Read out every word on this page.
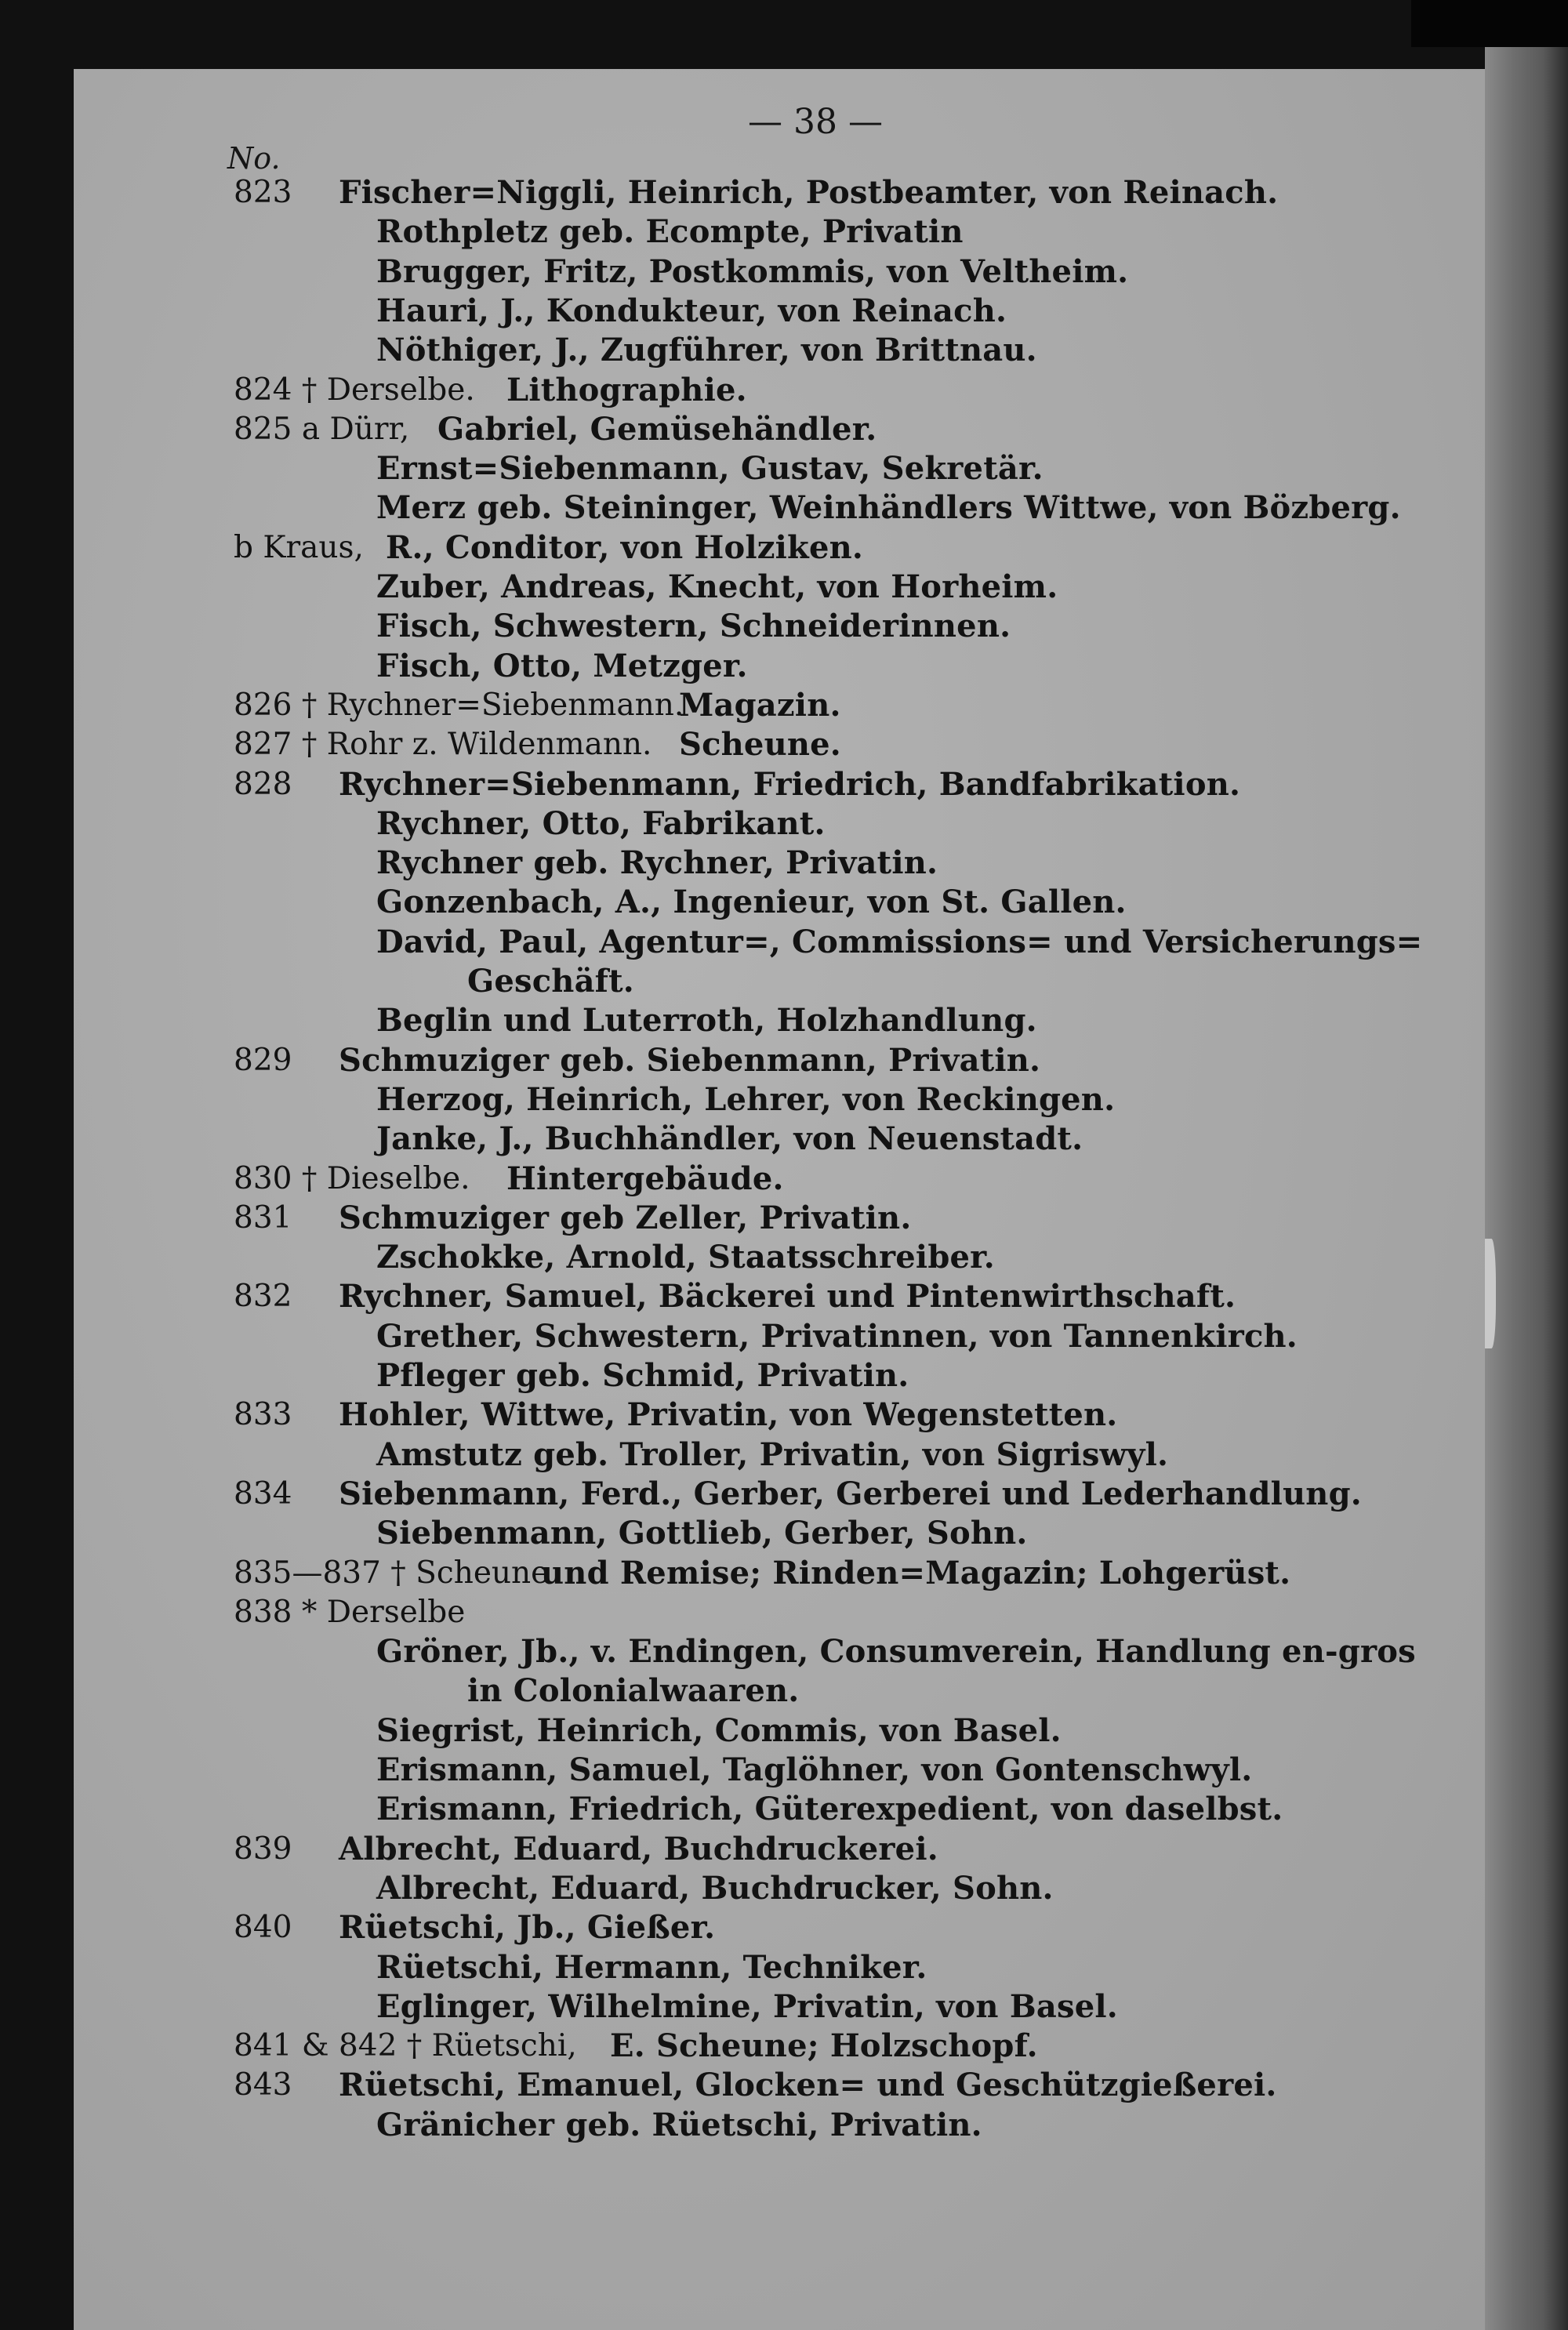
— 38 —
No.
823 Fischer=Niggli, Heinrich, Postbeamter, von Reinach.
Rothpletz geb. Ecompte, Privatin
Brugger, Fritz, Postkommis, von Veltheim.
Hauri, J., Kondukteur, von Reinach.
Nöthiger, J., Zugführer, von Brittnau.
824 † Derselbe. Lithographie.
825 a Dürr, Gabriel, Gemüsehändler.
Ernst=Siebenmann, Gustav, Sekretär.
Merz geb. Steininger, Weinhändlers Wittwe, von Bözberg.
b Kraus, R., Conditor, von Holziken.
Zuber, Andreas, Knecht, von Horheim.
Fisch, Schwestern, Schneiderinnen.
Fisch, Otto, Metzger.
826 † Rychner=Siebenmann.
Magazin.
827 † Rohr z. Wildenmann. Scheune.
828 Rychner=Siebenmann, Friedrich, Bandfabrikation.
Rychner, Otto, Fabrikant.
Rychner geb. Rychner, Privatin.
Gonzenbach, A., Ingenieur, von St. Gallen.
David, Paul, Agentur=, Commissions= und Versicherungs=
Geschäft.
Beglin und Luterroth, Holzhandlung.
829 Schmuziger geb. Siebenmann, Privatin.
Herzog, Heinrich, Lehrer, von Reckingen.
Janke, J., Buchhändler, von Neuenstadt.
830 † Dieselbe. Hintergebäude.
831 Schmuziger geb Zeller, Privatin.
Zschokke, Arnold, Staatsschreiber.
832 Rychner, Samuel, Bäckerei und Pintenwirthschaft.
Grether, Schwestern, Privatinnen, von Tannenkirch.
Pfleger geb. Schmid, Privatin.
833 Hohler, Wittwe, Privatin, von Wegenstetten.
Amstutz geb. Troller, Privatin, von Sigriswyl.
834 Siebenmann, Ferd., Gerber, Gerberei und Lederhandlung.
Siebenmann, Gottlieb, Gerber, Sohn.
835—837 † Scheune
und Remise; Rinden=Magazin; Lohgerüst.
838 * Derselbe
Gröner, Jb., v. Endingen, Consumverein, Handlung en-gros
in Colonialwaaren.
Siegrist, Heinrich, Commis, von Basel.
Erismann, Samuel, Taglöhner, von Gontenschwyl.
Erismann, Friedrich, Güterexpedient, von daselbst.
839 Albrecht, Eduard, Buchdruckerei.
Albrecht, Eduard, Buchdrucker, Sohn.
840 Rüetschi, Jb., Gießer.
Rüetschi, Hermann, Techniker.
Eglinger, Wilhelmine, Privatin, von Basel.
841 & 842 † Rüetschi, E. Scheune; Holzschopf.
843 Rüetschi, Emanuel, Glocken= und Geschützgießerei.
Gränicher geb. Rüetschi, Privatin.
